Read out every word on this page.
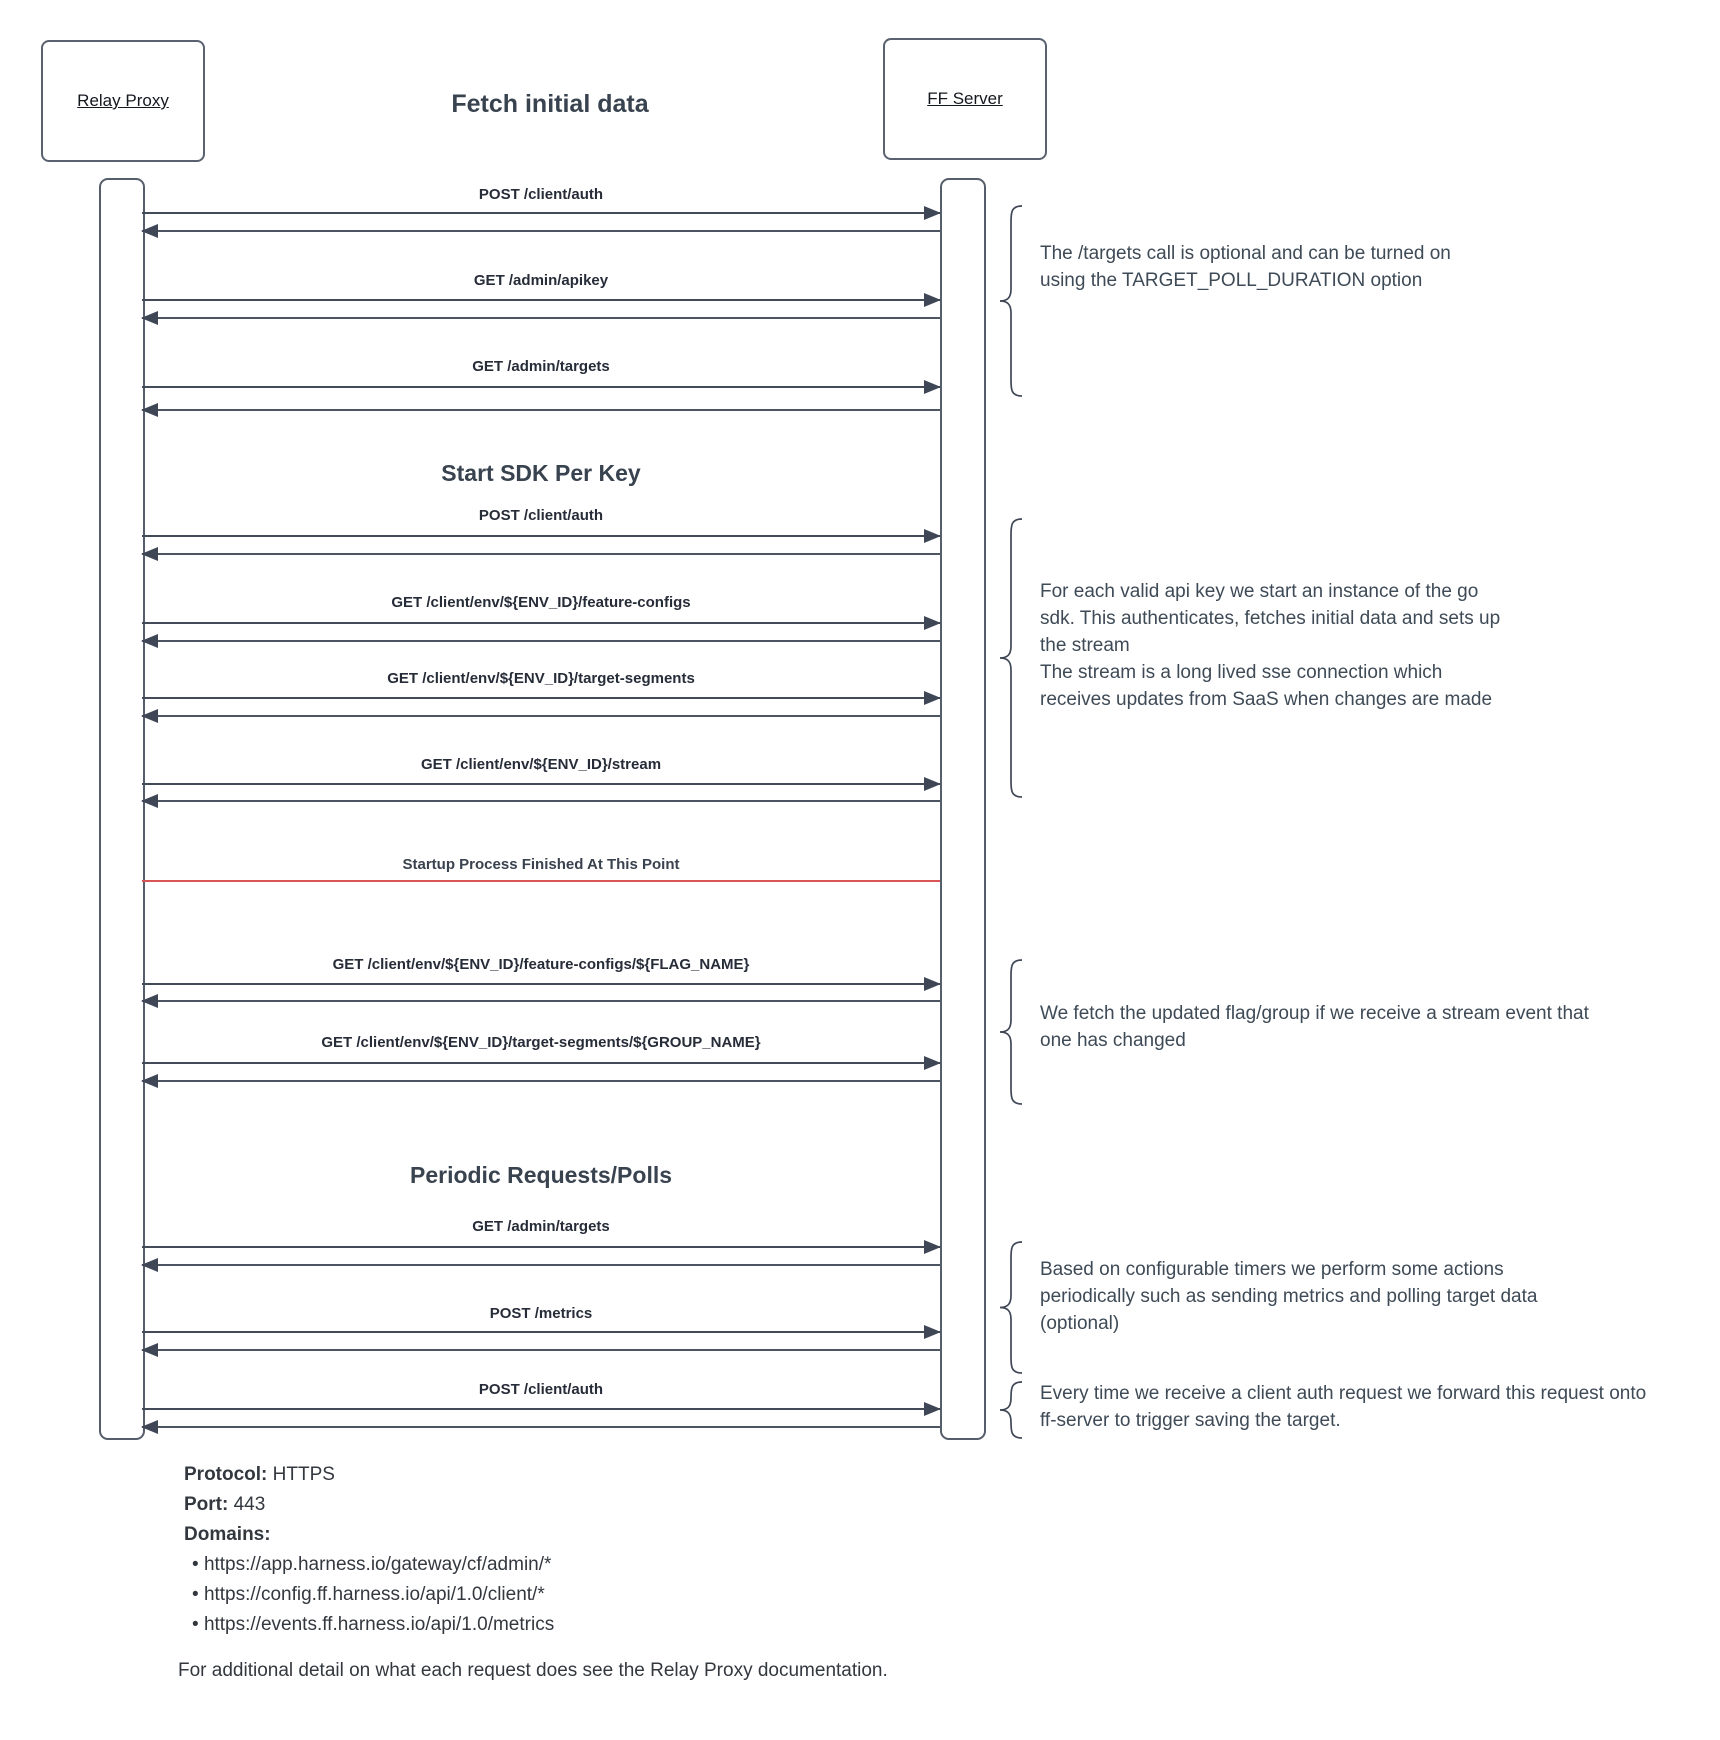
Relay Proxy	FF Server
Fetch initial data
POST /client/auth
GET /admin/apikey
GET /admin/targets
Start SDK Per Key
POST /client/auth
GET /client/env/${ENV_ID}/feature-configs
GET /client/env/${ENV_ID}/target-segments
GET /client/env/${ENV_ID}/stream
Startup Process Finished At This Point
GET /client/env/${ENV_ID}/feature-configs/${FLAG_NAME}
GET /client/env/${ENV_ID}/target-segments/${GROUP_NAME}
Periodic Requests/Polls
GET /admin/targets
POST /metrics
POST /client/auth

The /targets call is optional and can be turned on using the TARGET_POLL_DURATION option

For each valid api key we start an instance of the go sdk. This authenticates, fetches initial data and sets up the stream

The stream is a long lived sse connection which receives updates from SaaS when changes are made

We fetch the updated flag/group if we receive a stream event that one has changed

Based on configurable timers we perform some actions periodically such as sending metrics and polling target data (optional)

Every time we receive a client auth request we forward this request onto ff-server to trigger saving the target.

Protocol: HTTPS
Port: 443
Domains:
• https://app.harness.io/gateway/cf/admin/*
• https://config.ff.harness.io/api/1.0/client/*
• https://events.ff.harness.io/api/1.0/metrics
For additional detail on what each request does see the Relay Proxy documentation.
